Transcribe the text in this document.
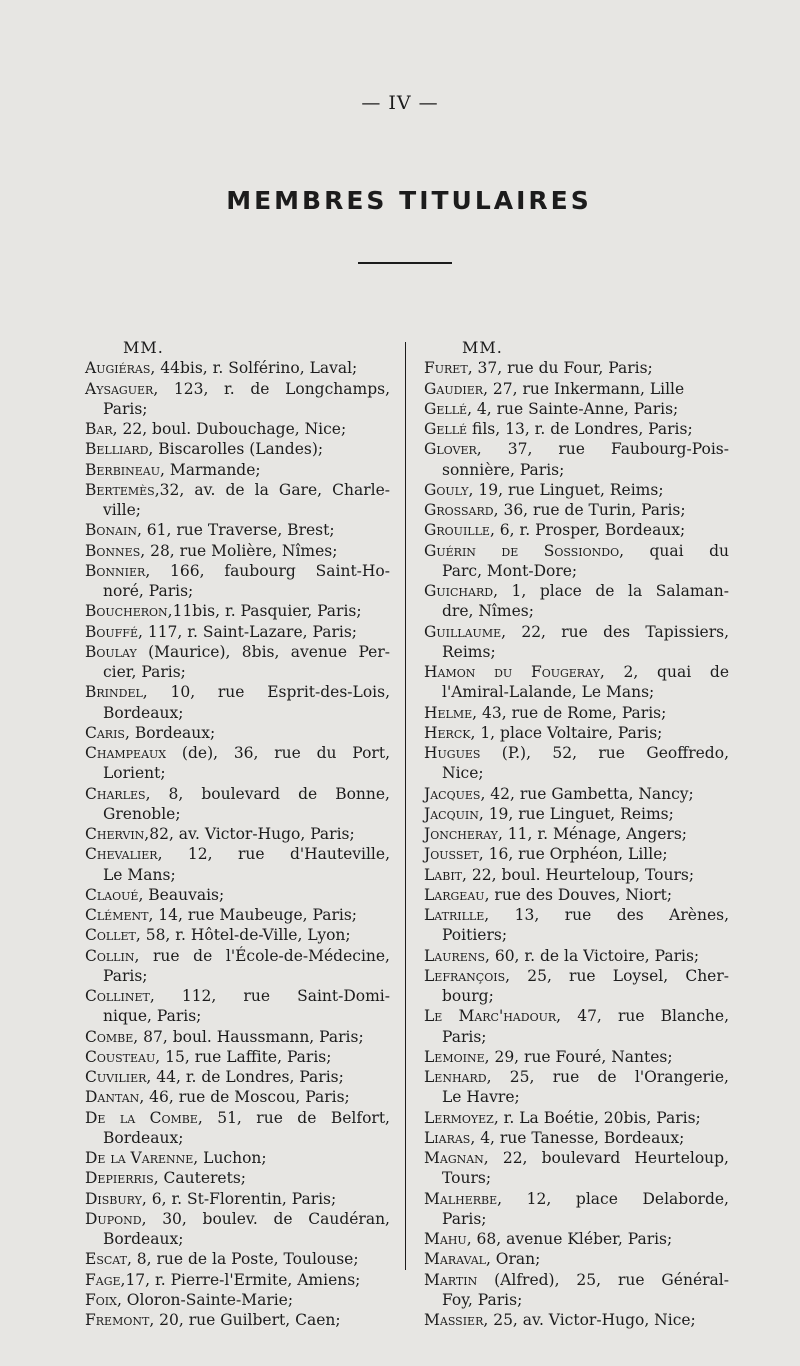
— IV —
MEMBRES TITULAIRES
MM.
Augiéras, 44bis, r. Solférino, Laval;
Aysaguer, 123, r. de Longchamps,
Paris;
Bar, 22, boul. Dubouchage, Nice;
Belliard, Biscarolles (Landes);
Berbineau, Marmande;
Bertemès,32, av. de la Gare, Charle-
ville;
Bonain, 61, rue Traverse, Brest;
Bonnes, 28, rue Molière, Nîmes;
Bonnier, 166, faubourg Saint-Ho-
noré, Paris;
Boucheron,11bis, r. Pasquier, Paris;
Bouffé, 117, r. Saint-Lazare, Paris;
Boulay (Maurice), 8bis, avenue Per-
cier, Paris;
Brindel, 10, rue Esprit-des-Lois,
Bordeaux;
Caris, Bordeaux;
Champeaux (de), 36, rue du Port,
Lorient;
Charles, 8, boulevard de Bonne,
Grenoble;
Chervin,82, av. Victor-Hugo, Paris;
Chevalier, 12, rue d'Hauteville,
Le Mans;
Claoué, Beauvais;
Clément, 14, rue Maubeuge, Paris;
Collet, 58, r. Hôtel-de-Ville, Lyon;
Collin, rue de l'École-de-Médecine,
Paris;
Collinet, 112, rue Saint-Domi-
nique, Paris;
Combe, 87, boul. Haussmann, Paris;
Cousteau, 15, rue Laffite, Paris;
Cuvilier, 44, r. de Londres, Paris;
Dantan, 46, rue de Moscou, Paris;
De la Combe, 51, rue de Belfort,
Bordeaux;
De la Varenne, Luchon;
Depierris, Cauterets;
Disbury, 6, r. St-Florentin, Paris;
Dupond, 30, boulev. de Caudéran,
Bordeaux;
Escat, 8, rue de la Poste, Toulouse;
Fage,17, r. Pierre-l'Ermite, Amiens;
Foix, Oloron-Sainte-Marie;
Fremont, 20, rue Guilbert, Caen;
MM.
Furet, 37, rue du Four, Paris;
Gaudier, 27, rue Inkermann, Lille
Gellé, 4, rue Sainte-Anne, Paris;
Gellé fils, 13, r. de Londres, Paris;
Glover, 37, rue Faubourg-Pois-
sonnière, Paris;
Gouly, 19, rue Linguet, Reims;
Grossard, 36, rue de Turin, Paris;
Grouille, 6, r. Prosper, Bordeaux;
Guérin de Sossiondo, quai du
Parc, Mont-Dore;
Guichard, 1, place de la Salaman-
dre, Nîmes;
Guillaume, 22, rue des Tapissiers,
Reims;
Hamon du Fougeray, 2, quai de
l'Amiral-Lalande, Le Mans;
Helme, 43, rue de Rome, Paris;
Herck, 1, place Voltaire, Paris;
Hugues (P.), 52, rue Geoffredo,
Nice;
Jacques, 42, rue Gambetta, Nancy;
Jacquin, 19, rue Linguet, Reims;
Joncheray, 11, r. Ménage, Angers;
Jousset, 16, rue Orphéon, Lille;
Labit, 22, boul. Heurteloup, Tours;
Largeau, rue des Douves, Niort;
Latrille, 13, rue des Arènes,
Poitiers;
Laurens, 60, r. de la Victoire, Paris;
Lefrançois, 25, rue Loysel, Cher-
bourg;
Le Marc'hadour, 47, rue Blanche,
Paris;
Lemoine, 29, rue Fouré, Nantes;
Lenhard, 25, rue de l'Orangerie,
Le Havre;
Lermoyez, r. La Boétie, 20bis, Paris;
Liaras, 4, rue Tanesse, Bordeaux;
Magnan, 22, boulevard Heurteloup,
Tours;
Malherbe, 12, place Delaborde,
Paris;
Mahu, 68, avenue Kléber, Paris;
Maraval, Oran;
Martin (Alfred), 25, rue Général-
Foy, Paris;
Massier, 25, av. Victor-Hugo, Nice;
